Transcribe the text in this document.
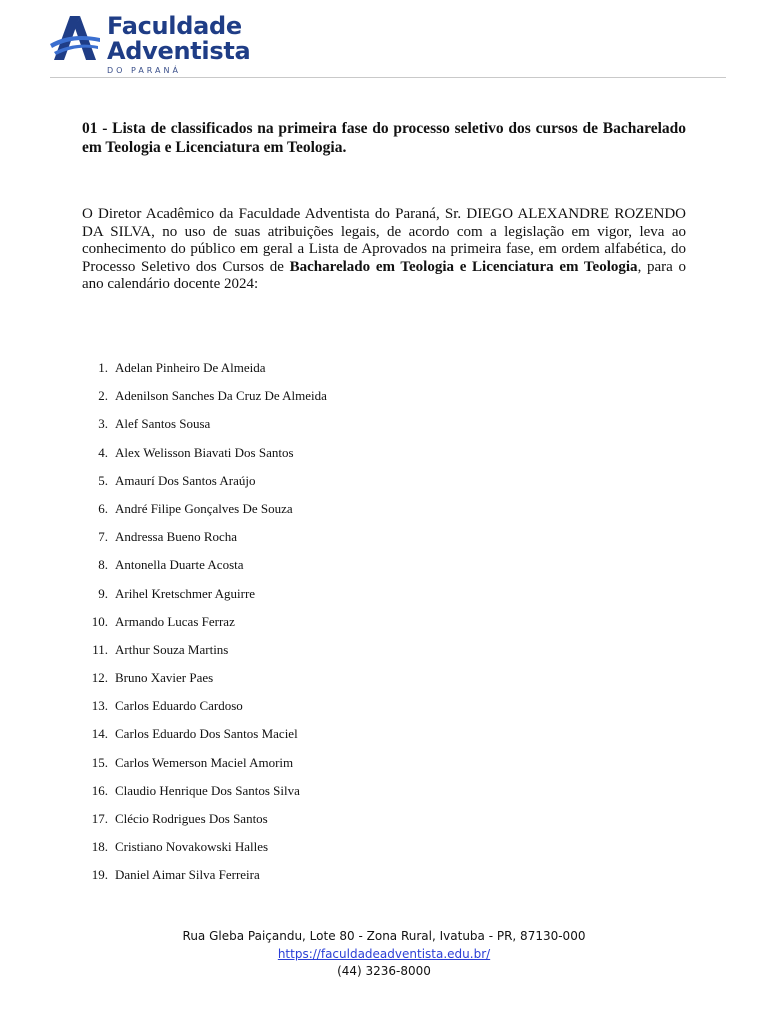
Faculdade
Adventista
DO PARANÁ
01 - Lista de classificados na primeira fase do processo seletivo dos cursos de Bacharelado em Teologia e Licenciatura em Teologia.
O Diretor Acadêmico da Faculdade Adventista do Paraná, Sr. DIEGO ALEXANDRE ROZENDO DA SILVA, no uso de suas atribuições legais, de acordo com a legislação em vigor, leva ao conhecimento do público em geral a Lista de Aprovados na primeira fase, em ordem alfabética, do Processo Seletivo dos Cursos de Bacharelado em Teologia e Licenciatura em Teologia, para o ano calendário docente 2024:
1. Adelan Pinheiro De Almeida
2. Adenilson Sanches Da Cruz De Almeida
3. Alef Santos Sousa
4. Alex Welisson Biavati Dos Santos
5. Amaurí Dos Santos Araújo
6. André Filipe Gonçalves De Souza
7. Andressa Bueno Rocha
8. Antonella Duarte Acosta
9. Arihel Kretschmer Aguirre
10. Armando Lucas Ferraz
11. Arthur Souza Martins
12. Bruno Xavier Paes
13. Carlos Eduardo Cardoso
14. Carlos Eduardo Dos Santos Maciel
15. Carlos Wemerson Maciel Amorim
16. Claudio Henrique Dos Santos Silva
17. Clécio Rodrigues Dos Santos
18. Cristiano Novakowski Halles
19. Daniel Aimar Silva Ferreira
Rua Gleba Paiçandu, Lote 80 - Zona Rural, Ivatuba - PR, 87130-000
https://faculdadeadventista.edu.br/
(44) 3236-8000
